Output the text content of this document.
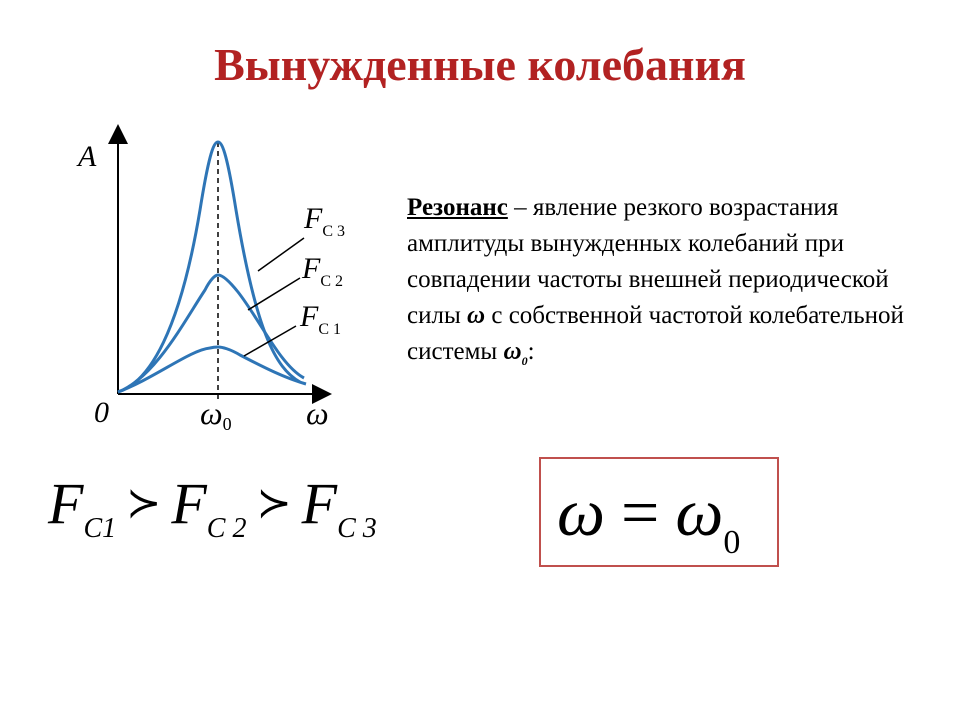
Вынужденные колебания
$F_{C 3}$
$F_{C 2}$
$F_{C 1}$
A
0	ω
ω0
Резонанс – явление резкого возрастания амплитуды вынужденных колебаний при совпадении частоты внешней периодической силы ω с собственной частотой колебательной системы $\omega_0$:
$F_{C1}≻$ $F_{C 2}≻$ $F_{C 3}$	$\omega = \omega_0$
